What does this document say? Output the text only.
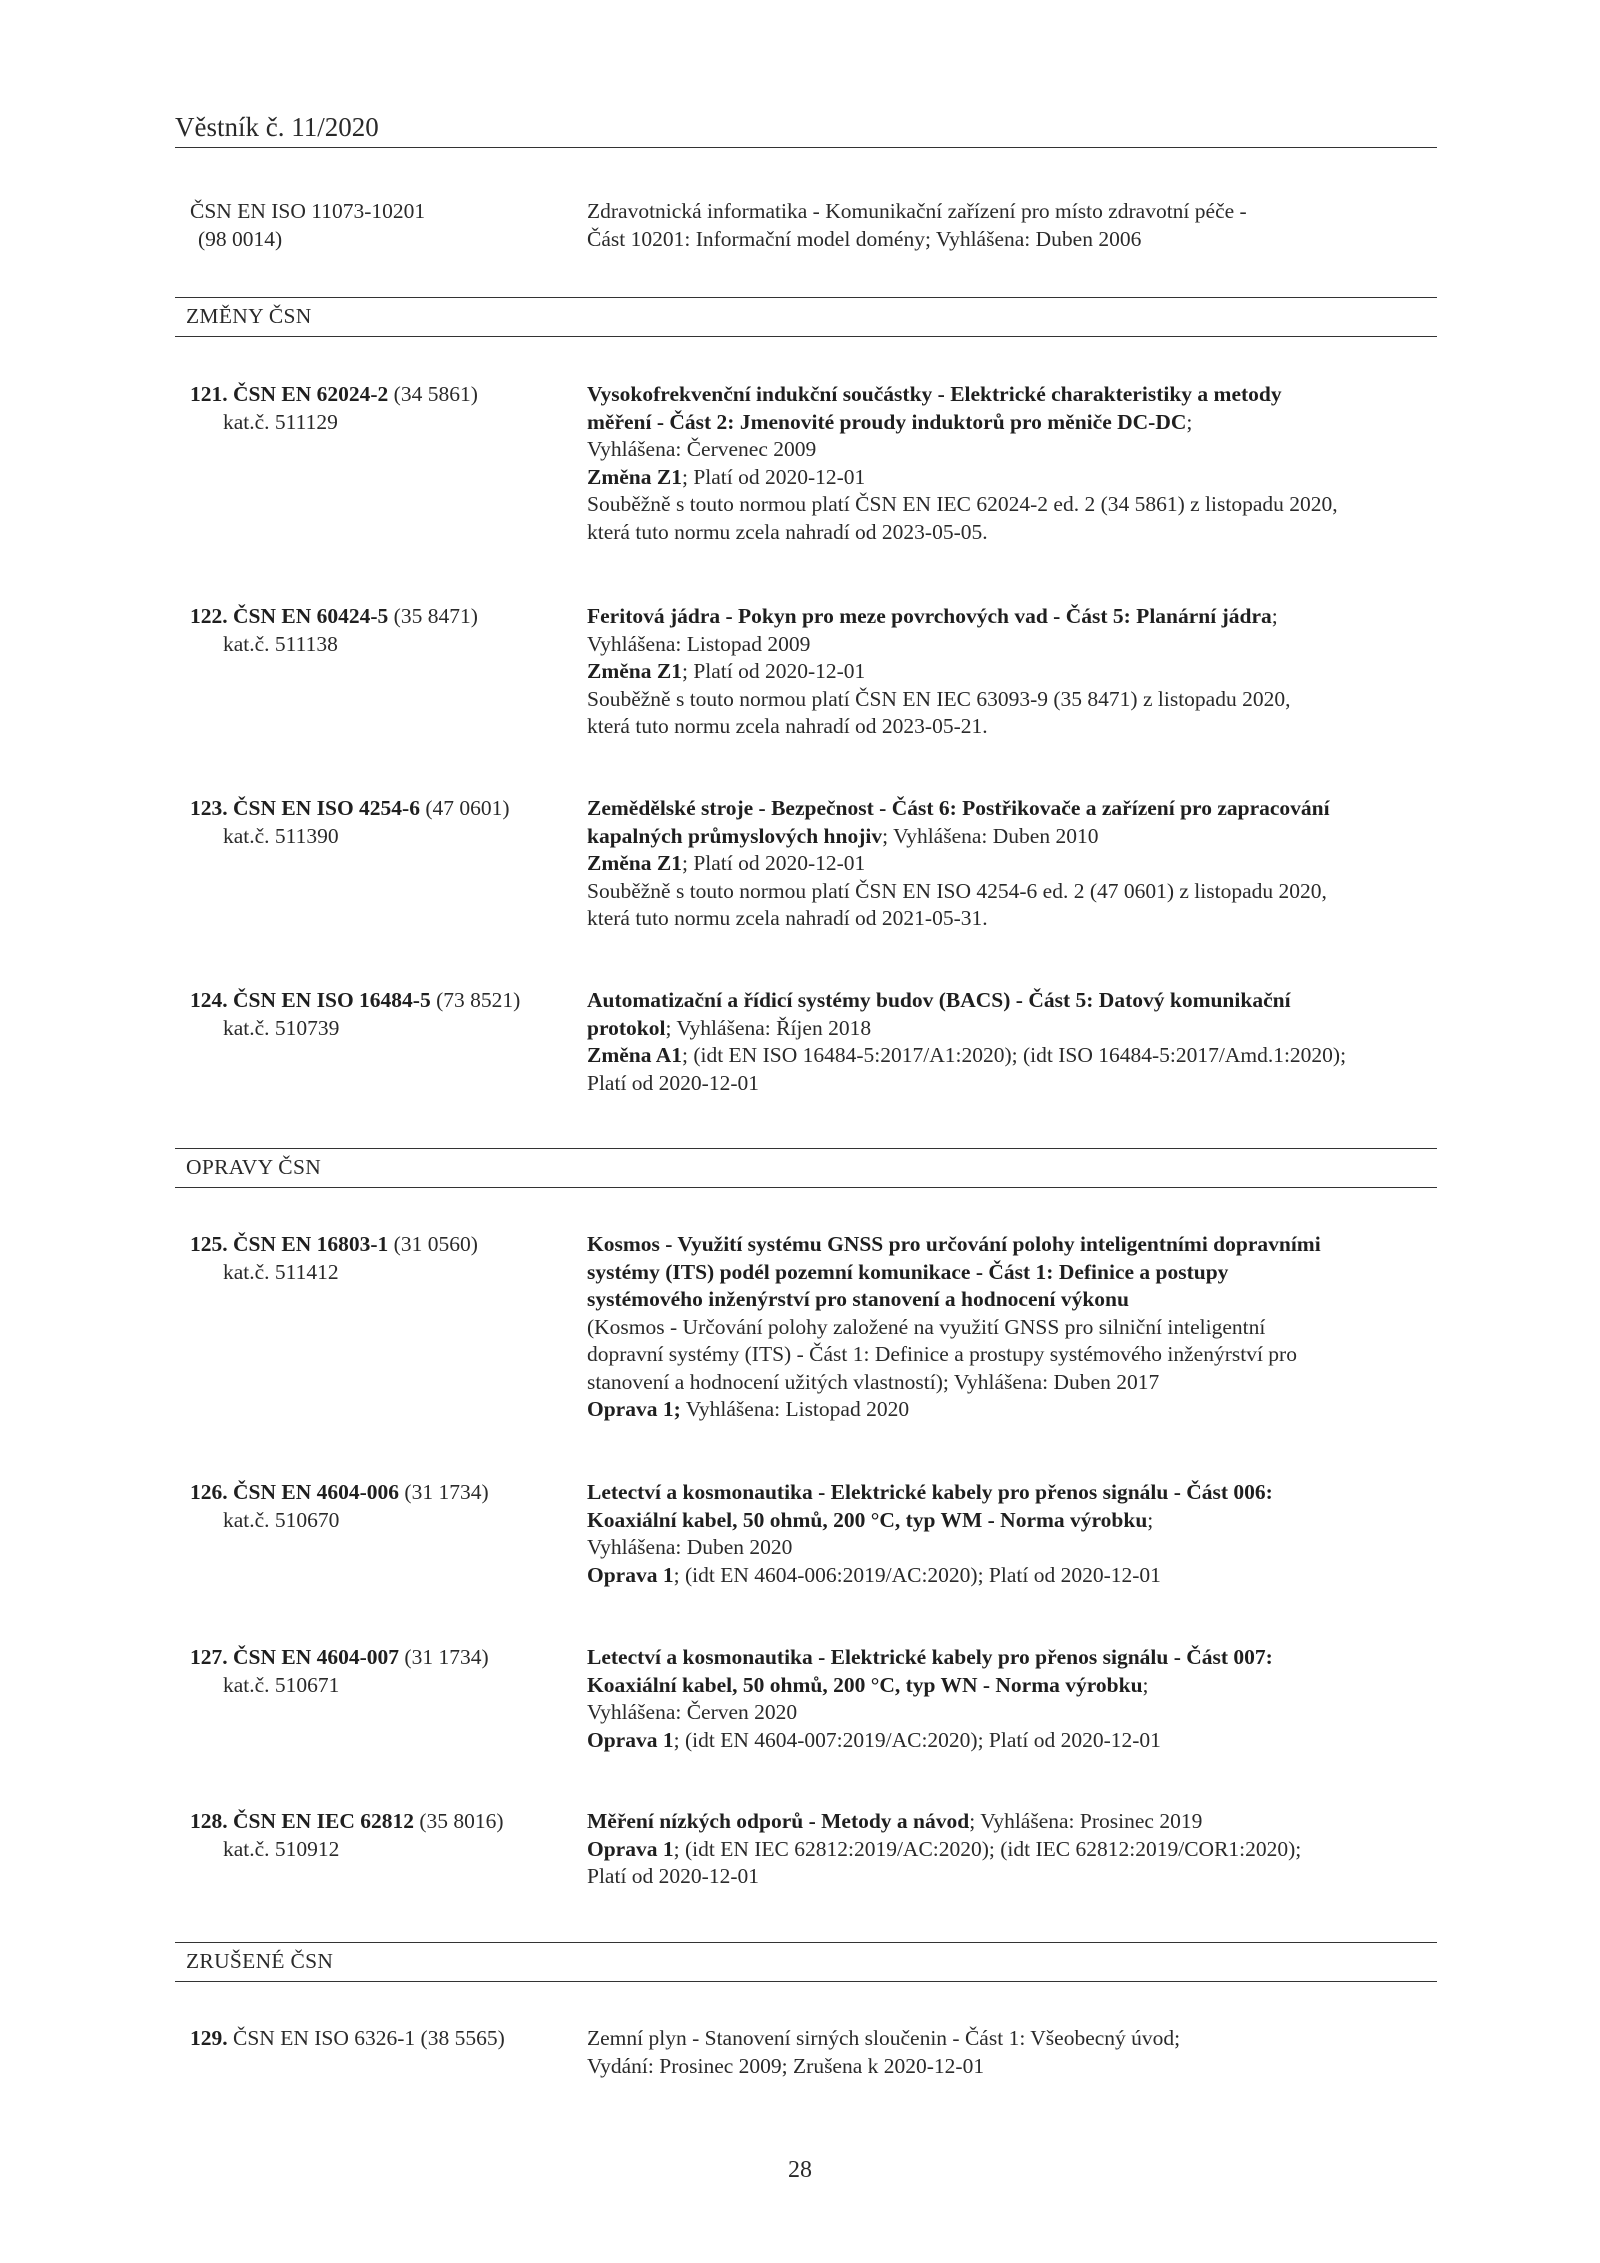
Věstník č. 11/2020
ČSN EN ISO 11073-10201
(98 0014)
Zdravotnická informatika - Komunikační zařízení pro místo zdravotní péče -
Část 10201: Informační model domény; Vyhlášena: Duben 2006
ZMĚNY ČSN
121. ČSN EN 62024-2 (34 5861)
kat.č. 511129
Vysokofrekvenční indukční součástky - Elektrické charakteristiky a metody
měření - Část 2: Jmenovité proudy induktorů pro měniče DC-DC;
Vyhlášena: Červenec 2009
Změna Z1; Platí od 2020-12-01
Souběžně s touto normou platí ČSN EN IEC 62024-2 ed. 2 (34 5861) z listopadu 2020,
která tuto normu zcela nahradí od 2023-05-05.
122. ČSN EN 60424-5 (35 8471)
kat.č. 511138
Feritová jádra - Pokyn pro meze povrchových vad - Část 5: Planární jádra;
Vyhlášena: Listopad 2009
Změna Z1; Platí od 2020-12-01
Souběžně s touto normou platí ČSN EN IEC 63093-9 (35 8471) z listopadu 2020,
která tuto normu zcela nahradí od 2023-05-21.
123. ČSN EN ISO 4254-6 (47 0601)
kat.č. 511390
Zemědělské stroje - Bezpečnost - Část 6: Postřikovače a zařízení pro zapracování
kapalných průmyslových hnojiv; Vyhlášena: Duben 2010
Změna Z1; Platí od 2020-12-01
Souběžně s touto normou platí ČSN EN ISO 4254-6 ed. 2 (47 0601) z listopadu 2020,
která tuto normu zcela nahradí od 2021-05-31.
124. ČSN EN ISO 16484-5 (73 8521)
kat.č. 510739
Automatizační a řídicí systémy budov (BACS) - Část 5: Datový komunikační
protokol; Vyhlášena: Říjen 2018
Změna A1; (idt EN ISO 16484-5:2017/A1:2020); (idt ISO 16484-5:2017/Amd.1:2020);
Platí od 2020-12-01
OPRAVY ČSN
125. ČSN EN 16803-1 (31 0560)
kat.č. 511412
Kosmos - Využití systému GNSS pro určování polohy inteligentními dopravními
systémy (ITS) podél pozemní komunikace - Část 1: Definice a postupy
systémového inženýrství pro stanovení a hodnocení výkonu
(Kosmos - Určování polohy založené na využití GNSS pro silniční inteligentní
dopravní systémy (ITS) - Část 1: Definice a prostupy systémového inženýrství pro
stanovení a hodnocení užitých vlastností); Vyhlášena: Duben 2017
Oprava 1; Vyhlášena: Listopad 2020
126. ČSN EN 4604-006 (31 1734)
kat.č. 510670
Letectví a kosmonautika - Elektrické kabely pro přenos signálu - Část 006:
Koaxiální kabel, 50 ohmů, 200 °C, typ WM - Norma výrobku;
Vyhlášena: Duben 2020
Oprava 1; (idt EN 4604-006:2019/AC:2020); Platí od 2020-12-01
127. ČSN EN 4604-007 (31 1734)
kat.č. 510671
Letectví a kosmonautika - Elektrické kabely pro přenos signálu - Část 007:
Koaxiální kabel, 50 ohmů, 200 °C, typ WN - Norma výrobku;
Vyhlášena: Červen 2020
Oprava 1; (idt EN 4604-007:2019/AC:2020); Platí od 2020-12-01
128. ČSN EN IEC 62812 (35 8016)
kat.č. 510912
Měření nízkých odporů - Metody a návod; Vyhlášena: Prosinec 2019
Oprava 1; (idt EN IEC 62812:2019/AC:2020); (idt IEC 62812:2019/COR1:2020);
Platí od 2020-12-01
ZRUŠENÉ ČSN
129. ČSN EN ISO 6326-1 (38 5565)	Zemní plyn - Stanovení sirných sloučenin - Část 1: Všeobecný úvod;
Vydání: Prosinec 2009; Zrušena k 2020-12-01
28
